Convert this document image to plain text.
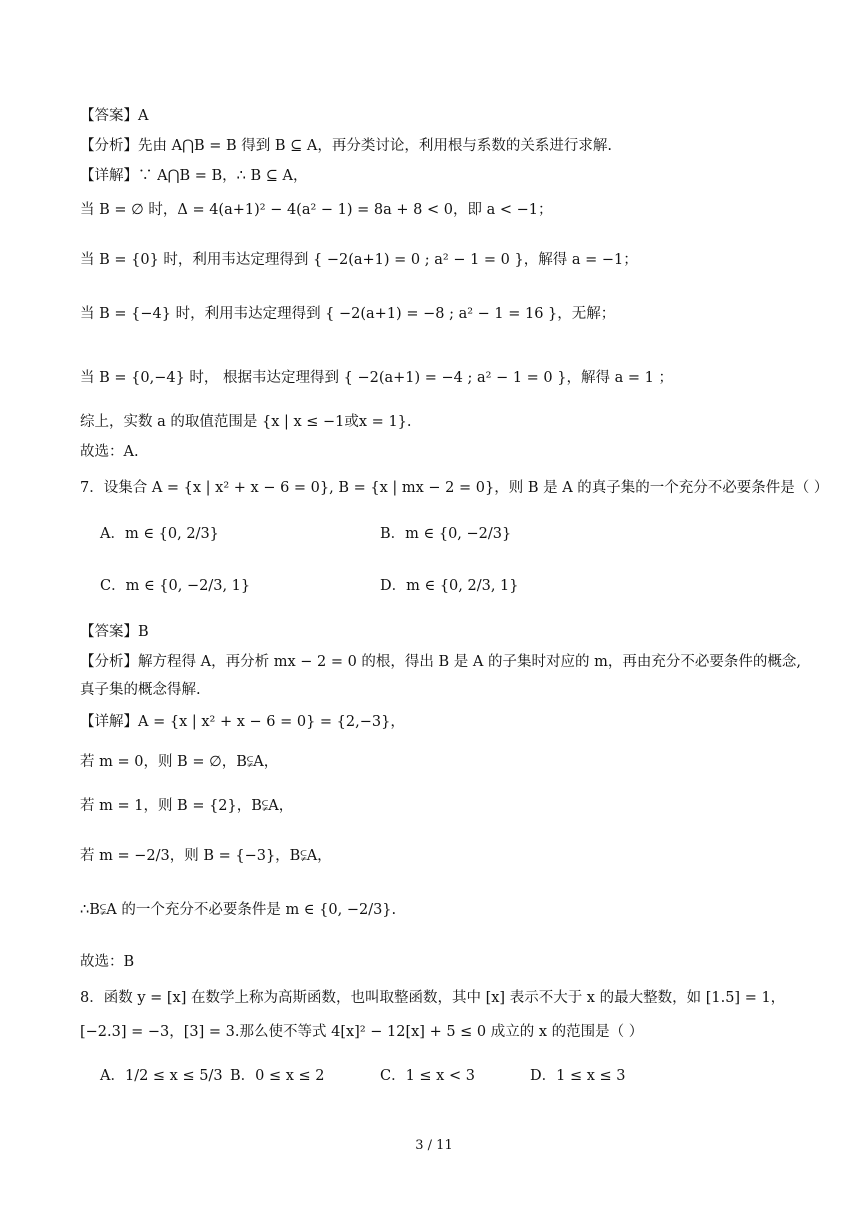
【答案】A
【分析】先由 A⋂B = B 得到 B ⊆ A，再分类讨论，利用根与系数的关系进行求解.
【详解】∵ A⋂B = B，∴ B ⊆ A，
当 B = ∅ 时，Δ = 4(a+1)² − 4(a² − 1) = 8a + 8 < 0，即 a < −1；
当 B = {0} 时，利用韦达定理得到 { −2(a+1) = 0 ; a² − 1 = 0 }，解得 a = −1；
当 B = {−4} 时，利用韦达定理得到 { −2(a+1) = −8 ; a² − 1 = 16 }，无解；
当 B = {0,−4} 时， 根据韦达定理得到 { −2(a+1) = −4 ; a² − 1 = 0 }，解得 a = 1 ；
综上，实数 a 的取值范围是 {x | x ≤ −1或x = 1}.
故选：A.
7．设集合 A = {x | x² + x − 6 = 0}, B = {x | mx − 2 = 0}，则 B 是 A 的真子集的一个充分不必要条件是（ ）
A．m ∈ {0, 2/3}	B．m ∈ {0, −2/3}
C．m ∈ {0, −2/3, 1}	D．m ∈ {0, 2/3, 1}
【答案】B
【分析】解方程得 A，再分析 mx − 2 = 0 的根，得出 B 是 A 的子集时对应的 m，再由充分不必要条件的概念,
真子集的概念得解.
【详解】A = {x | x² + x − 6 = 0} = {2,−3}，
若 m = 0，则 B = ∅，B⫋A，
若 m = 1，则 B = {2}，B⫋A，
若 m = −2/3，则 B = {−3}，B⫋A，
∴B⫋A 的一个充分不必要条件是 m ∈ {0, −2/3}.
故选：B
8．函数 y = [x] 在数学上称为高斯函数，也叫取整函数，其中 [x] 表示不大于 x 的最大整数，如 [1.5] = 1，
[−2.3] = −3，[3] = 3.那么使不等式 4[x]² − 12[x] + 5 ≤ 0 成立的 x 的范围是（ ）
A．1/2 ≤ x ≤ 5/3 B．0 ≤ x ≤ 2	C．1 ≤ x < 3	D．1 ≤ x ≤ 3
3 / 11
